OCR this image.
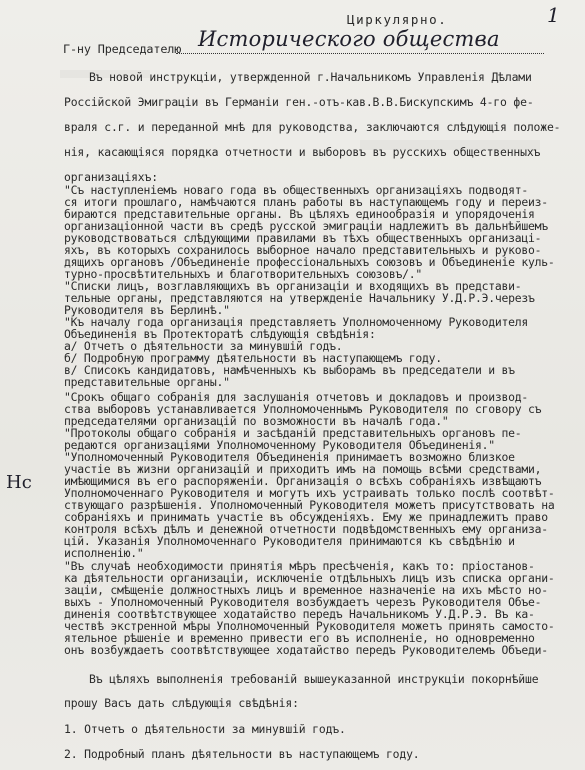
Циркулярно.	1
Г-ну Председателю Исторического общества
Въ новой инструкціи, утвержденной г.Начальникомъ Управленія Дѣлами
Россійской Эмиграціи въ Германіи ген.-отъ-кав.В.В.Бискупскимъ 4-го фе-
враля с.г. и переданной мнѣ для руководства, заключаются слѣдующія положе-
нія, касающіяся порядка отчетности и выборовъ въ русскихъ общественныхъ
организаціяхъ:
"Съ наступленіемъ новаго года въ общественныхъ организаціяхъ подводят-
ся итоги прошлаго, намѣчаются планъ работы въ наступающемъ году и переиз-
бираются представительные органы. Въ цѣляхъ единообразія и упорядоченія
организаціонной части въ средѣ русской эмиграціи надлежитъ въ дальнѣйшемъ
руководствоваться слѣдующими правилами въ тѣхъ общественныхъ организаці-
яхъ, въ которыхъ сохранилось выборное начало представительныхъ и руково-
дящихъ органовъ /Объединеніе профессіональныхъ союзовъ и Объединеніе куль-
турно-просвѣтительныхъ и благотворительныхъ союзовъ/."
"Списки лицъ, возглавляющихъ въ организаціи и входящихъ въ представи-
тельные органы, представляются на утвержденіе Начальнику У.Д.Р.Э.черезъ
Руководителя въ Берлинѣ."
"Къ началу года организація представляетъ Уполномоченному Руководителя
Объединенія въ Протекторатѣ слѣдующія свѣдѣнія:
а/ Отчетъ о дѣятельности за минувшій годъ.
б/ Подробную программу дѣятельности въ наступающемъ году.
в/ Списокъ кандидатовъ, намѣченныхъ къ выборамъ въ председатели и въ
представительные органы."
"Срокъ общаго собранія для заслушанія отчетовъ и докладовъ и производ-
ства выборовъ устанавливается Уполномоченнымъ Руководителя по сговору съ
председателями организацій по возможности въ началѣ года."
"Протоколы общаго собранія и засѣданій представительныхъ органовъ пе-
редаются организаціями Уполномоченному Руководителя Объединенія."
"Уполномоченный Руководителя Объединенія принимаетъ возможно близкое
участіе въ жизни организацій и приходитъ имъ на помощь всѣми средствами,
имѣющимися въ его распоряженіи. Организація о всѣхъ собраніяхъ извѣщаютъ
Уполномоченнаго Руководителя и могутъ ихъ устраивать только послѣ соотвѣт-
ствующаго разрѣшенія. Уполномоченный Руководителя можетъ присутствовать на
собраніяхъ и принимать участіе въ обсужденіяхъ. Ему же принадлежитъ право
контроля всѣхъ дѣлъ и денежной отчетности подвѣдомственныхъ ему организа-
цій. Указанія Уполномоченнаго Руководителя принимаются къ свѣдѣнію и
исполненію."
"Въ случаѣ необходимости принятія мѣръ пресѣченія, какъ то: пріостанов-
ка дѣятельности организаціи, исключеніе отдѣльныхъ лицъ изъ списка органи-
заціи, смѣщеніе должностныхъ лицъ и временное назначеніе на ихъ мѣсто но-
выхъ - Уполномоченный Руководителя возбуждаетъ черезъ Руководителя Объе-
диненія соотвѣтствующее ходатайство передъ Начальникомъ У.Д.Р.Э. Въ ка-
чествѣ экстренной мѣры Уполномоченный Руководителя можетъ принять самосто-
ятельное рѣшеніе и временно привести его въ исполненіе, но одновременно
онъ возбуждаетъ соотвѣтствующее ходатайство передъ Руководителемъ Объеди-
Нс
Въ цѣляхъ выполненія требованій вышеуказанной инструкціи покорнѣйше
прошу Васъ дать слѣдующія свѣдѣнія:
1. Отчетъ о дѣятельности за минувшій годъ.
2. Подробный планъ дѣятельности въ наступающемъ году.
